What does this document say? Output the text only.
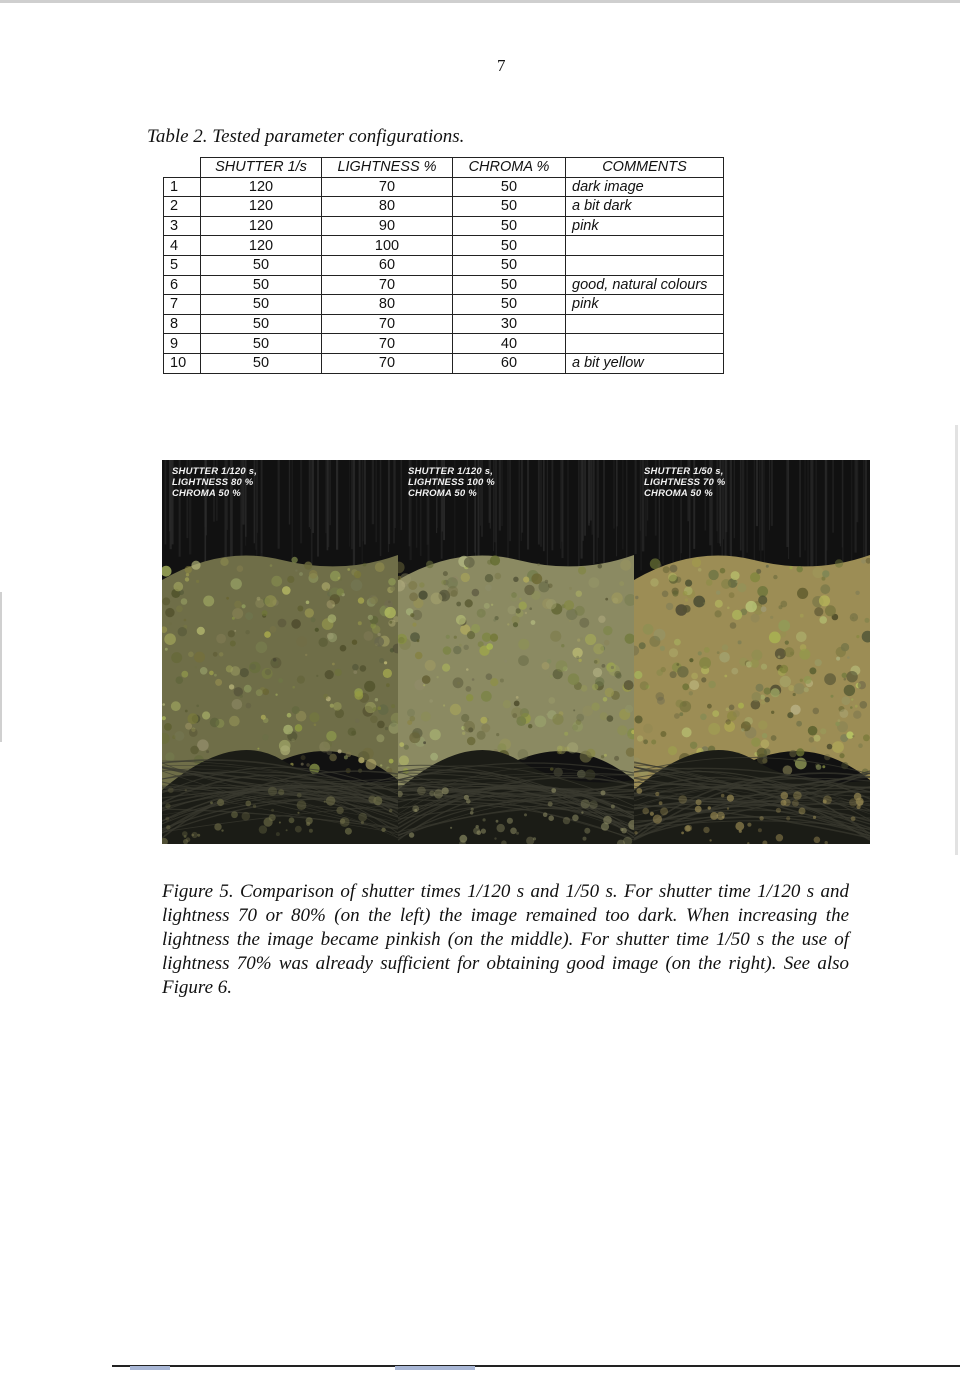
7
Table 2. Tested parameter configurations.
	SHUTTER 1/s	LIGHTNESS %	CHROMA %	COMMENTS
1	120	70	50	dark image
2	120	80	50	a bit dark
3	120	90	50	pink
4	120	100	50	
5	50	60	50	
6	50	70	50	good, natural colours
7	50	80	50	pink
8	50	70	30	
9	50	70	40	
10	50	70	60	a bit yellow
SHUTTER 1/120 s,
LIGHTNESS 80 %
CHROMA 50 %
SHUTTER 1/120 s,
LIGHTNESS 100 %
CHROMA 50 %
SHUTTER 1/50 s,
LIGHTNESS 70 %
CHROMA 50 %
Figure 5. Comparison of shutter times 1/120 s and 1/50 s. For shutter time 1/120 s and lightness 70 or 80% (on the left) the image remained too dark. When increasing the lightness the image became pinkish (on the middle). For shutter time 1/50 s the use of lightness 70% was already sufficient for obtaining good image (on the right). See also Figure 6.
